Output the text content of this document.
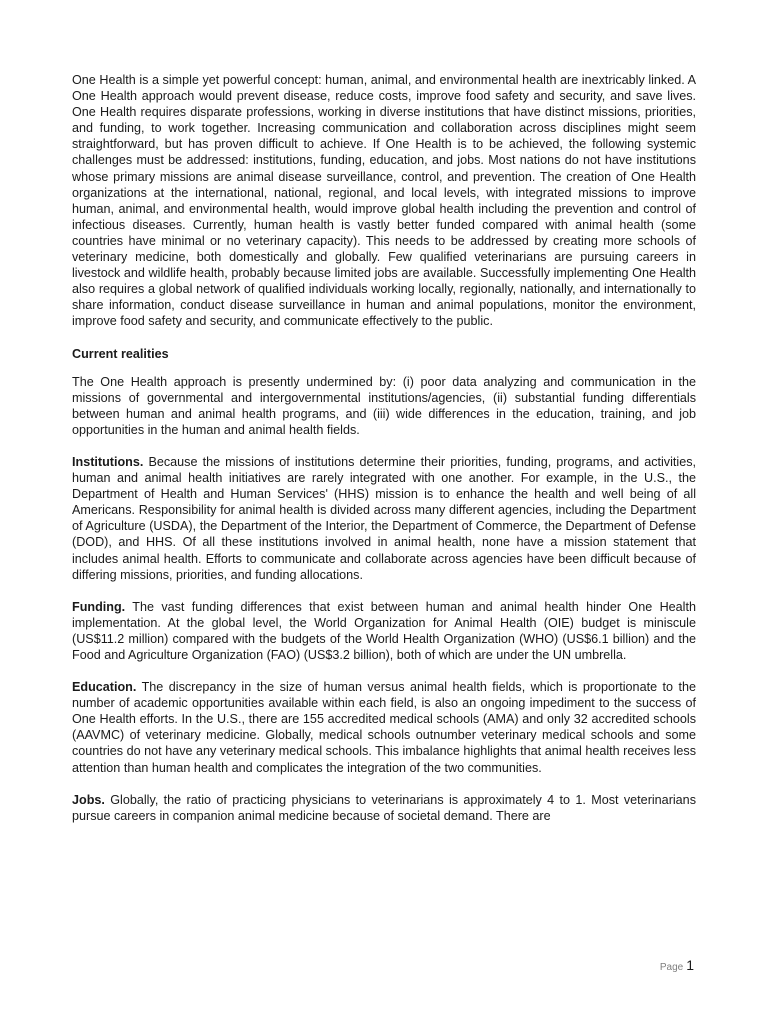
One Health is a simple yet powerful concept: human, animal, and environmental health are inextricably linked. A One Health approach would prevent disease, reduce costs, improve food safety and security, and save lives. One Health requires disparate professions, working in diverse institutions that have distinct missions, priorities, and funding, to work together. Increasing communication and collaboration across disciplines might seem straightforward, but has proven difficult to achieve. If One Health is to be achieved, the following systemic challenges must be addressed: institutions, funding, education, and jobs. Most nations do not have institutions whose primary missions are animal disease surveillance, control, and prevention. The creation of One Health organizations at the international, national, regional, and local levels, with integrated missions to improve human, animal, and environmental health, would improve global health including the prevention and control of infectious diseases. Currently, human health is vastly better funded compared with animal health (some countries have minimal or no veterinary capacity). This needs to be addressed by creating more schools of veterinary medicine, both domestically and globally. Few qualified veterinarians are pursuing careers in livestock and wildlife health, probably because limited jobs are available. Successfully implementing One Health also requires a global network of qualified individuals working locally, regionally, nationally, and internationally to share information, conduct disease surveillance in human and animal populations, monitor the environment, improve food safety and security, and communicate effectively to the public.

Current realities

The One Health approach is presently undermined by: (i) poor data analyzing and communication in the missions of governmental and intergovernmental institutions/agencies, (ii) substantial funding differentials between human and animal health programs, and (iii) wide differences in the education, training, and job opportunities in the human and animal health fields.

Institutions. Because the missions of institutions determine their priorities, funding, programs, and activities, human and animal health initiatives are rarely integrated with one another. For example, in the U.S., the Department of Health and Human Services' (HHS) mission is to enhance the health and well being of all Americans. Responsibility for animal health is divided across many different agencies, including the Department of Agriculture (USDA), the Department of the Interior, the Department of Commerce, the Department of Defense (DOD), and HHS. Of all these institutions involved in animal health, none have a mission statement that includes animal health. Efforts to communicate and collaborate across agencies have been difficult because of differing missions, priorities, and funding allocations.

Funding. The vast funding differences that exist between human and animal health hinder One Health implementation. At the global level, the World Organization for Animal Health (OIE) budget is miniscule (US$11.2 million) compared with the budgets of the World Health Organization (WHO) (US$6.1 billion) and the Food and Agriculture Organization (FAO) (US$3.2 billion), both of which are under the UN umbrella.

Education. The discrepancy in the size of human versus animal health fields, which is proportionate to the number of academic opportunities available within each field, is also an ongoing impediment to the success of One Health efforts. In the U.S., there are 155 accredited medical schools (AMA) and only 32 accredited schools (AAVMC) of veterinary medicine. Globally, medical schools outnumber veterinary medical schools and some countries do not have any veterinary medical schools. This imbalance highlights that animal health receives less attention than human health and complicates the integration of the two communities.

Jobs. Globally, the ratio of practicing physicians to veterinarians is approximately 4 to 1. Most veterinarians pursue careers in companion animal medicine because of societal demand. There are

Page 1
